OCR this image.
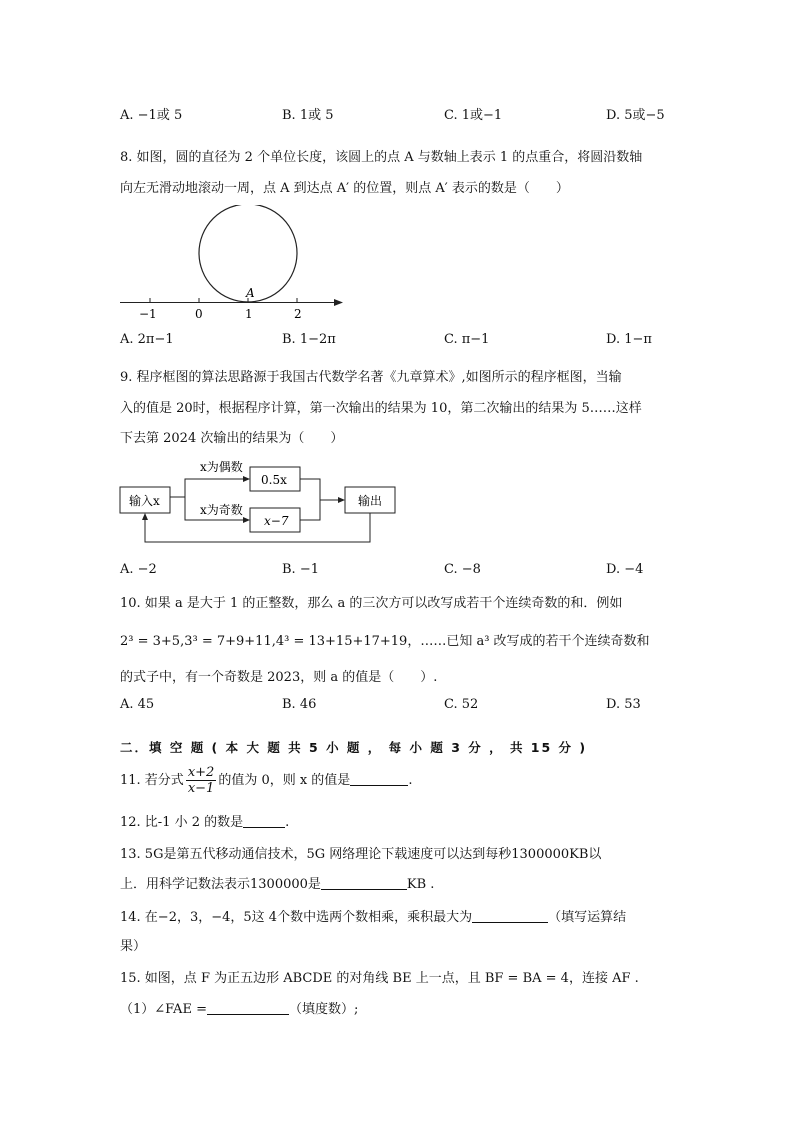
A. −1或 5	B. 1或 5	C. 1或−1	D. 5或−5
8. 如图，圆的直径为 2 个单位长度，该圆上的点 A 与数轴上表示 1 的点重合，将圆沿数轴
向左无滑动地滚动一周，点 A 到达点 A′ 的位置，则点 A′ 表示的数是（　　）
−1	0	1	2
A
A. 2π−1	B. 1−2π	C. π−1	D. 1−π
9. 程序框图的算法思路源于我国古代数学名著《九章算术》,如图所示的程序框图，当输
入的值是 20时，根据程序计算，第一次输出的结果为 10，第二次输出的结果为 5……这样
下去第 2024 次输出的结果为（　　）
输入x
0.5x
x−7
输出
x为偶数
x为奇数
A. −2	B. −1	C. −8	D. −4
10. 如果 a 是大于 1 的正整数，那么 a 的三次方可以改写成若干个连续奇数的和．例如
2³ = 3+5,3³ = 7+9+11,4³ = 13+15+17+19，……已知 a³ 改写成的若干个连续奇数和
的式子中，有一个奇数是 2023，则 a 的值是（　　）.
A. 45	B. 46	C. 52	D. 53
二．填 空 题 ( 本 大 题 共 5 小 题 ， 每 小 题 3 分 ， 共 15 分 )
11. 若分式 $\frac{x+2}{x-1}$ 的值为 0，则 x 的值是	.
12. 比-1 小 2 的数是	.
13. 5G是第五代移动通信技术，5G 网络理论下载速度可以达到每秒1300000KB以
上．用科学记数法表示1300000是	KB .
14. 在−2，3，−4，5这 4个数中选两个数相乘，乘积最大为	（填写运算结
果）
15. 如图，点 F 为正五边形 ABCDE 的对角线 BE 上一点，且 BF = BA = 4，连接 AF .
（1）∠FAE =	（填度数）;
